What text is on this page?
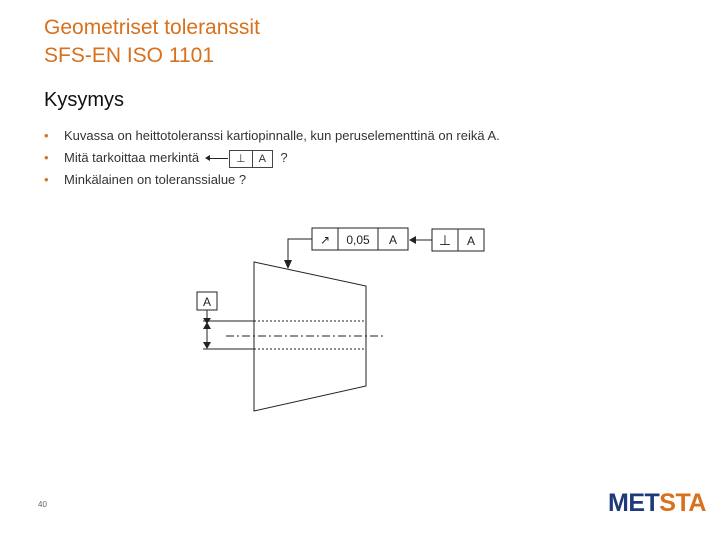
Geometriset toleranssit
SFS-EN ISO 1101
Kysymys
• Kuvassa on heittotoleranssi kartiopinnalle, kun peruselementtinä on reikä A.
• Mitä tarkoittaa merkintä	⊥	A	?
• Minkälainen on toleranssialue ?
↗ 0,05 A	⊥ A
A
40	METSTA
